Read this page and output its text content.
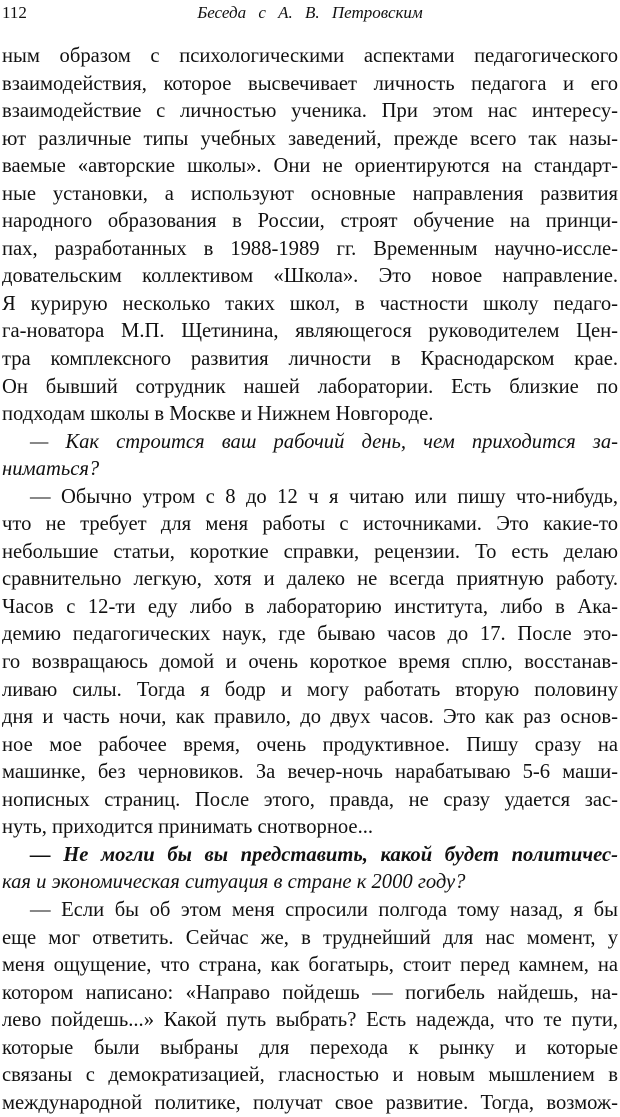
112	Беседа с А. В. Петровским
ным образом с психологическими аспектами педагогического
взаимодействия, которое высвечивает личность педагога и его
взаимодействие с личностью ученика. При этом нас интересу-
ют различные типы учебных заведений, прежде всего так назы-
ваемые «авторские школы». Они не ориентируются на стандарт-
ные установки, а используют основные направления развития
народного образования в России, строят обучение на принци-
пах, разработанных в 1988-1989 гг. Временным научно-иссле-
довательским коллективом «Школа». Это новое направление.
Я курирую несколько таких школ, в частности школу педаго-
га-новатора М.П. Щетинина, являющегося руководителем Цен-
тра комплексного развития личности в Краснодарском крае.
Он бывший сотрудник нашей лаборатории. Есть близкие по
подходам школы в Москве и Нижнем Новгороде.
— Как строится ваш рабочий день, чем приходится за-
ниматься?
— Обычно утром с 8 до 12 ч я читаю или пишу что-нибудь,
что не требует для меня работы с источниками. Это какие-то
небольшие статьи, короткие справки, рецензии. То есть делаю
сравнительно легкую, хотя и далеко не всегда приятную работу.
Часов с 12-ти еду либо в лабораторию института, либо в Ака-
демию педагогических наук, где бываю часов до 17. После это-
го возвращаюсь домой и очень короткое время сплю, восстанав-
ливаю силы. Тогда я бодр и могу работать вторую половину
дня и часть ночи, как правило, до двух часов. Это как раз основ-
ное мое рабочее время, очень продуктивное. Пишу сразу на
машинке, без черновиков. За вечер-ночь нарабатываю 5-6 маши-
нописных страниц. После этого, правда, не сразу удается зас-
нуть, приходится принимать снотворное...
— Не могли бы вы представить, какой будет политичес-
кая и экономическая ситуация в стране к 2000 году?
— Если бы об этом меня спросили полгода тому назад, я бы
еще мог ответить. Сейчас же, в труднейший для нас момент, у
меня ощущение, что страна, как богатырь, стоит перед камнем, на
котором написано: «Направо пойдешь — погибель найдешь, на-
лево пойдешь...» Какой путь выбрать? Есть надежда, что те пути,
которые были выбраны для перехода к рынку и которые
связаны с демократизацией, гласностью и новым мышлением в
международной политике, получат свое развитие. Тогда, возмож-
